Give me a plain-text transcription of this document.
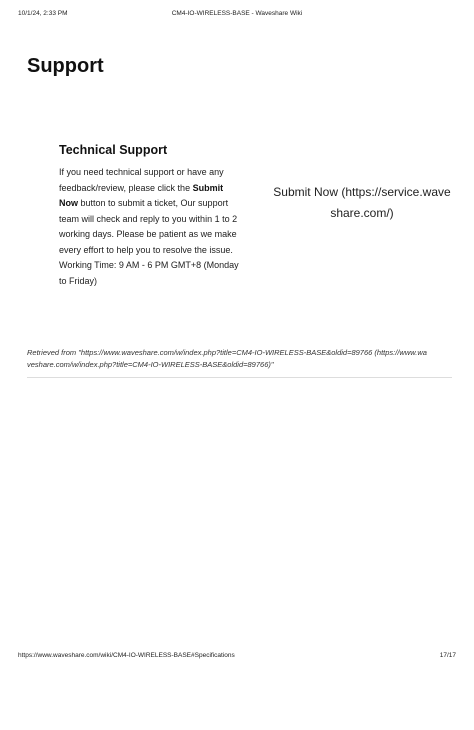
10/1/24, 2:33 PM	CM4-IO-WIRELESS-BASE - Waveshare Wiki
Support
Technical Support

If you need technical support or have any feedback/review, please click the Submit Now button to submit a ticket, Our support team will check and reply to you within 1 to 2 working days. Please be patient as we make every effort to help you to resolve the issue.
Working Time: 9 AM - 6 PM GMT+8 (Monday to Friday)

Submit Now (https://service.waveshare.com/)
Retrieved from "https://www.waveshare.com/w/index.php?title=CM4-IO-WIRELESS-BASE&oldid=89766 (https://www.waveshare.com/w/index.php?title=CM4-IO-WIRELESS-BASE&oldid=89766)"
https://www.waveshare.com/wiki/CM4-IO-WIRELESS-BASE#Specifications	17/17
